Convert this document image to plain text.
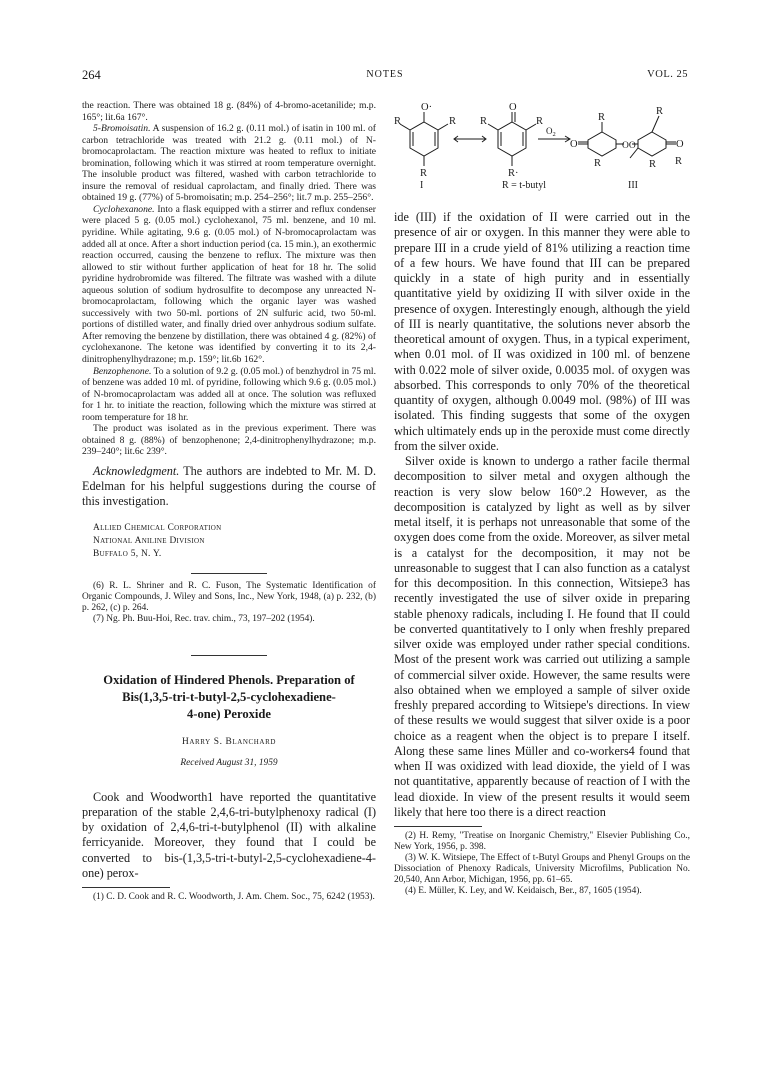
264	NOTES	VOL. 25

the reaction. There was obtained 18 g. (84%) of 4-bromo-acetanilide; m.p. 165°; lit.6a 167°.

5-Bromoisatin. A suspension of 16.2 g. (0.11 mol.) of isatin in 100 ml. of carbon tetrachloride was treated with 21.2 g. (0.11 mol.) of N-bromocaprolactam. The reaction mixture was heated to reflux to initiate bromination, following which it was stirred at room temperature overnight. The insoluble product was filtered, washed with carbon tetrachloride to insure the removal of residual caprolactam, and finally dried. There was obtained 19 g. (77%) of 5-bromoisatin; m.p. 254–256°; lit.7 m.p. 255–256°.

Cyclohexanone. Into a flask equipped with a stirrer and reflux condenser were placed 5 g. (0.05 mol.) cyclohexanol, 75 ml. benzene, and 10 ml. pyridine. While agitating, 9.6 g. (0.05 mol.) of N-bromocaprolactam was added all at once. After a short induction period (ca. 15 min.), an exothermic reaction occurred, causing the benzene to reflux. The mixture was then allowed to stir without further application of heat for 18 hr. The solid pyridine hydrobromide was filtered. The filtrate was washed with a dilute aqueous solution of sodium hydrosulfite to decompose any unreacted N-bromocaprolactam, following which the organic layer was washed successively with two 50-ml. portions of 2N sulfuric acid, two 50-ml. portions of distilled water, and finally dried over anhydrous sodium sulfate. After removing the benzene by distillation, there was obtained 4 g. (82%) of cyclohexanone. The ketone was identified by converting it to its 2,4-dinitrophenylhydrazone; m.p. 159°; lit.6b 162°.

Benzophenone. To a solution of 9.2 g. (0.05 mol.) of benzhydrol in 75 ml. of benzene was added 10 ml. of pyridine, following which 9.6 g. (0.05 mol.) of N-bromocaprolactam was added all at once. The solution was refluxed for 1 hr. to initiate the reaction, following which the mixture was stirred at room temperature for 18 hr.

The product was isolated as in the previous experiment. There was obtained 8 g. (88%) of benzophenone; 2,4-dinitrophenylhydrazone; m.p. 239–240°; lit.6c 239°.

Acknowledgment. The authors are indebted to Mr. M. D. Edelman for his helpful suggestions during the course of this investigation.

Allied Chemical Corporation
National Aniline Division
Buffalo 5, N. Y.

(6) R. L. Shriner and R. C. Fuson, The Systematic Identification of Organic Compounds, J. Wiley and Sons, Inc., New York, 1948, (a) p. 232, (b) p. 262, (c) p. 264.

(7) Ng. Ph. Buu-Hoi, Rec. trav. chim., 73, 197–202 (1954).

Oxidation of Hindered Phenols. Preparation of
Bis(1,3,5-tri-t-butyl-2,5-cyclohexadiene-
4-one) Peroxide
Harry S. Blanchard
Received August 31, 1959

Cook and Woodworth1 have reported the quantitative preparation of the stable 2,4,6-tri-butylphenoxy radical (I) by oxidation of 2,4,6-tri-t-butylphenol (II) with alkaline ferricyanide. Moreover, they found that I could be converted to bis-(1,3,5-tri-t-butyl-2,5-cyclohexadiene-4-one) perox-

(1) C. D. Cook and R. C. Woodworth, J. Am. Chem. Soc., 75, 6242 (1953).

O·
R	R
R
O
R	R
R·
$O_2$
O
R
OO
R
R
R
O
R
I	R = t-butyl	III

ide (III) if the oxidation of II were carried out in the presence of air or oxygen. In this manner they were able to prepare III in a crude yield of 81% utilizing a reaction time of a few hours. We have found that III can be prepared quickly in a state of high purity and in essentially quantitative yield by oxidizing II with silver oxide in the presence of oxygen. Interestingly enough, although the yield of III is nearly quantitative, the solutions never absorb the theoretical amount of oxygen. Thus, in a typical experiment, when 0.01 mol. of II was oxidized in 100 ml. of benzene with 0.022 mole of silver oxide, 0.0035 mol. of oxygen was absorbed. This corresponds to only 70% of the theoretical quantity of oxygen, although 0.0049 mol. (98%) of III was isolated. This finding suggests that some of the oxygen which ultimately ends up in the peroxide must come directly from the silver oxide.

Silver oxide is known to undergo a rather facile thermal decomposition to silver metal and oxygen although the reaction is very slow below 160°.2 However, as the decomposition is catalyzed by light as well as by silver metal itself, it is perhaps not unreasonable that some of the oxygen does come from the oxide. Moreover, as silver metal is a catalyst for the decomposition, it may not be unreasonable to suggest that I can also function as a catalyst for this decomposition. In this connection, Witsiepe3 has recently investigated the use of silver oxide in preparing stable phenoxy radicals, including I. He found that II could be converted quantitatively to I only when freshly prepared silver oxide was employed under rather special conditions. Most of the present work was carried out utilizing a sample of commercial silver oxide. However, the same results were also obtained when we employed a sample of silver oxide freshly prepared according to Witsiepe's directions. In view of these results we would suggest that silver oxide is a poor choice as a reagent when the object is to prepare I itself. Along these same lines Müller and co-workers4 found that when II was oxidized with lead dioxide, the yield of I was not quantitative, apparently because of reaction of I with the lead dioxide. In view of the present results it would seem likely that here too there is a direct reaction

(2) H. Remy, "Treatise on Inorganic Chemistry," Elsevier Publishing Co., New York, 1956, p. 398.

(3) W. K. Witsiepe, The Effect of t-Butyl Groups and Phenyl Groups on the Dissociation of Phenoxy Radicals, University Microfilms, Publication No. 20,540, Ann Arbor, Michigan, 1956, pp. 61–65.

(4) E. Müller, K. Ley, and W. Keidaisch, Ber., 87, 1605 (1954).
